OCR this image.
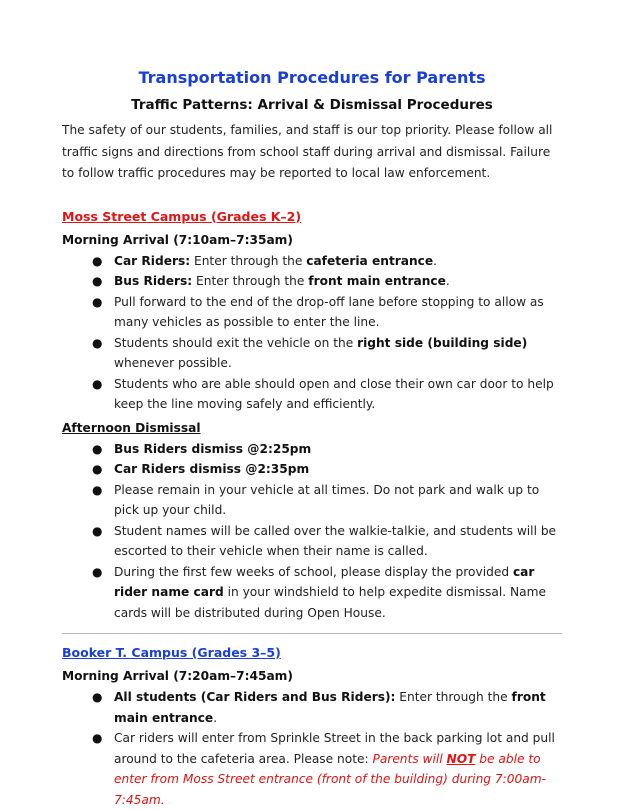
Transportation Procedures for Parents
Traffic Patterns: Arrival & Dismissal Procedures

The safety of our students, families, and staff is our top priority. Please follow all traffic signs and directions from school staff during arrival and dismissal. Failure to follow traffic procedures may be reported to local law enforcement.

Moss Street Campus (Grades K–2)

Morning Arrival (7:10am–7:35am)

● Car Riders: Enter through the cafeteria entrance.
● Bus Riders: Enter through the front main entrance.
● Pull forward to the end of the drop-off lane before stopping to allow as many vehicles as possible to enter the line.
● Students should exit the vehicle on the right side (building side) whenever possible.
● Students who are able should open and close their own car door to help keep the line moving safely and efficiently.

Afternoon Dismissal

● Bus Riders dismiss @2:25pm
● Car Riders dismiss @2:35pm
● Please remain in your vehicle at all times. Do not park and walk up to pick up your child.
● Student names will be called over the walkie-talkie, and students will be escorted to their vehicle when their name is called.
● During the first few weeks of school, please display the provided car rider name card in your windshield to help expedite dismissal. Name cards will be distributed during Open House.
Booker T. Campus (Grades 3–5)

Morning Arrival (7:20am–7:45am)

● All students (Car Riders and Bus Riders): Enter through the front main entrance.
● Car riders will enter from Sprinkle Street in the back parking lot and pull around to the cafeteria area. Please note: Parents will NOT be able to enter from Moss Street entrance (front of the building) during 7:00am-7:45am.
